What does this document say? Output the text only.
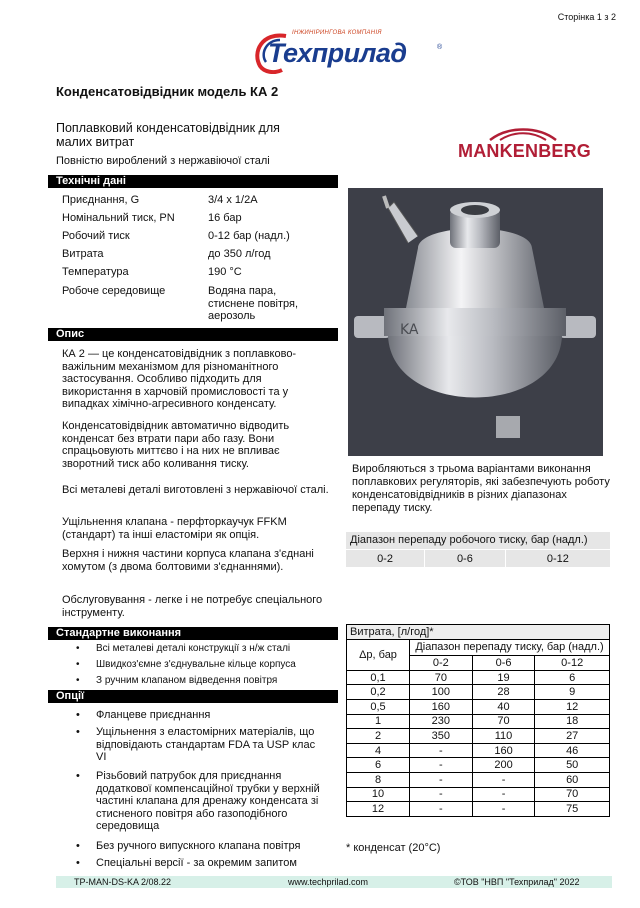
Сторінка 1 з 2
ІНЖИНІРИНГОВА КОМПАНІЯ
Техприлад	®
Конденсатовідвідник модель КА 2
Поплавковий конденсатовідвідник для малих витрат
Повністю вироблений з нержавіючої сталі	MANKENBERG
Технічні дані
Приєднання, G	3/4 x 1/2A
Номінальний тиск, PN	16 бар
Робочий тиск	0-12 бар (надл.)
Витрата	до 350 л/год
Температура	190 °C
Робоче середовище	Водяна пара,
стиснене повітря,
аерозоль
Опис
КА 2 — це конденсатовідвідник з поплавково-важільним механізмом для різноманітного застосування. Особливо підходить для використання в харчовій промисловості та у випадках хімічно-агресивного конденсату.
Конденсатовідвідник автоматично відводить конденсат без втрати пари або газу. Вони спрацьовують миттєво і на них не впливає зворотний тиск або коливання тиску.
Всі металеві деталі виготовлені з нержавіючої сталі.
Ущільнення клапана - перфторкаучук FFKM (стандарт) та інші еластоміри як опція.
Верхня і нижня частини корпуса клапана з'єднані хомутом (з двома болтовими з'єднаннями).
Обслуговування - легке і не потребує спеціального інструменту.
Стандартне виконання
• Всі металеві деталі конструкції з н/ж сталі
• Швидкоз'ємне з'єднувальне кільце корпуса
• З ручним клапаном відведення повітря
Опції
• Фланцеве приєднання
• Ущільнення з еластомірних матеріалів, що відповідають стандартам FDA та USP клас VI
• Різьбовий патрубок для приєднання додаткової компенсаційної трубки у верхній частині клапана для дренажу конденсата зі стисненого повітря або газоподібного середовища
• Без ручного випускного клапана повітря
• Спеціальні версії - за окремим запитом
KA
Виробляються з трьома варіантами виконання поплавкових регуляторів, які забезпечують роботу конденсатовідвідників в різних діапазонах перепаду тиску.
Діапазон перепаду робочого тиску, бар (надл.)
0-2	0-6	0-12
Витрата, [л/год]*			
Δp, бар	Діапазон перепаду тиску, бар (надл.)		
	0-2	0-6	0-12
0,1	70	19	6
0,2	100	28	9
0,5	160	40	12
1	230	70	18
2	350	110	27
4	-	160	46
6	-	200	50
8	-	-	60
10	-	-	70
12	-	-	75
* конденсат (20°C)
TP-MAN-DS-KA 2/08.22	www.techprilad.com	©ТОВ "НВП "Техприлад" 2022
